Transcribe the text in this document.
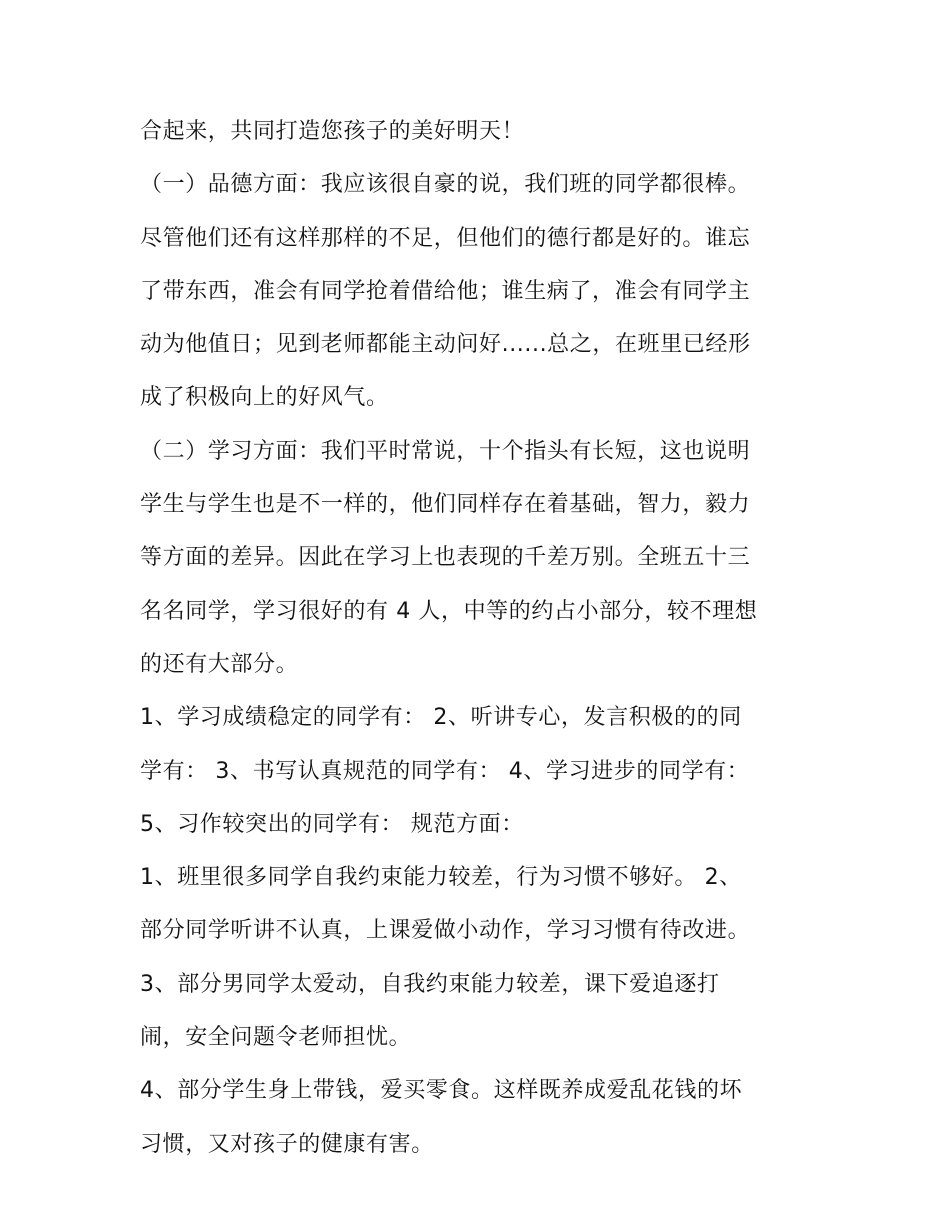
合起来，共同打造您孩子的美好明天！
（一）品德方面：我应该很自豪的说，我们班的同学都很棒。
尽管他们还有这样那样的不足，但他们的德行都是好的。谁忘
了带东西，准会有同学抢着借给他；谁生病了，准会有同学主
动为他值日；见到老师都能主动问好......总之，在班里已经形
成了积极向上的好风气。
（二）学习方面：我们平时常说，十个指头有长短，这也说明
学生与学生也是不一样的，他们同样存在着基础，智力，毅力
等方面的差异。因此在学习上也表现的千差万别。全班五十三
名名同学，学习很好的有 4 人，中等的约占小部分，较不理想
的还有大部分。
1、学习成绩稳定的同学有： 2、听讲专心，发言积极的的同
学有： 3、书写认真规范的同学有： 4、学习进步的同学有：
5、习作较突出的同学有： 规范方面：
1、班里很多同学自我约束能力较差，行为习惯不够好。 2、
部分同学听讲不认真，上课爱做小动作，学习习惯有待改进。
3、部分男同学太爱动，自我约束能力较差，课下爱追逐打
闹，安全问题令老师担忧。
4、部分学生身上带钱，爱买零食。这样既养成爱乱花钱的坏
习惯，又对孩子的健康有害。
